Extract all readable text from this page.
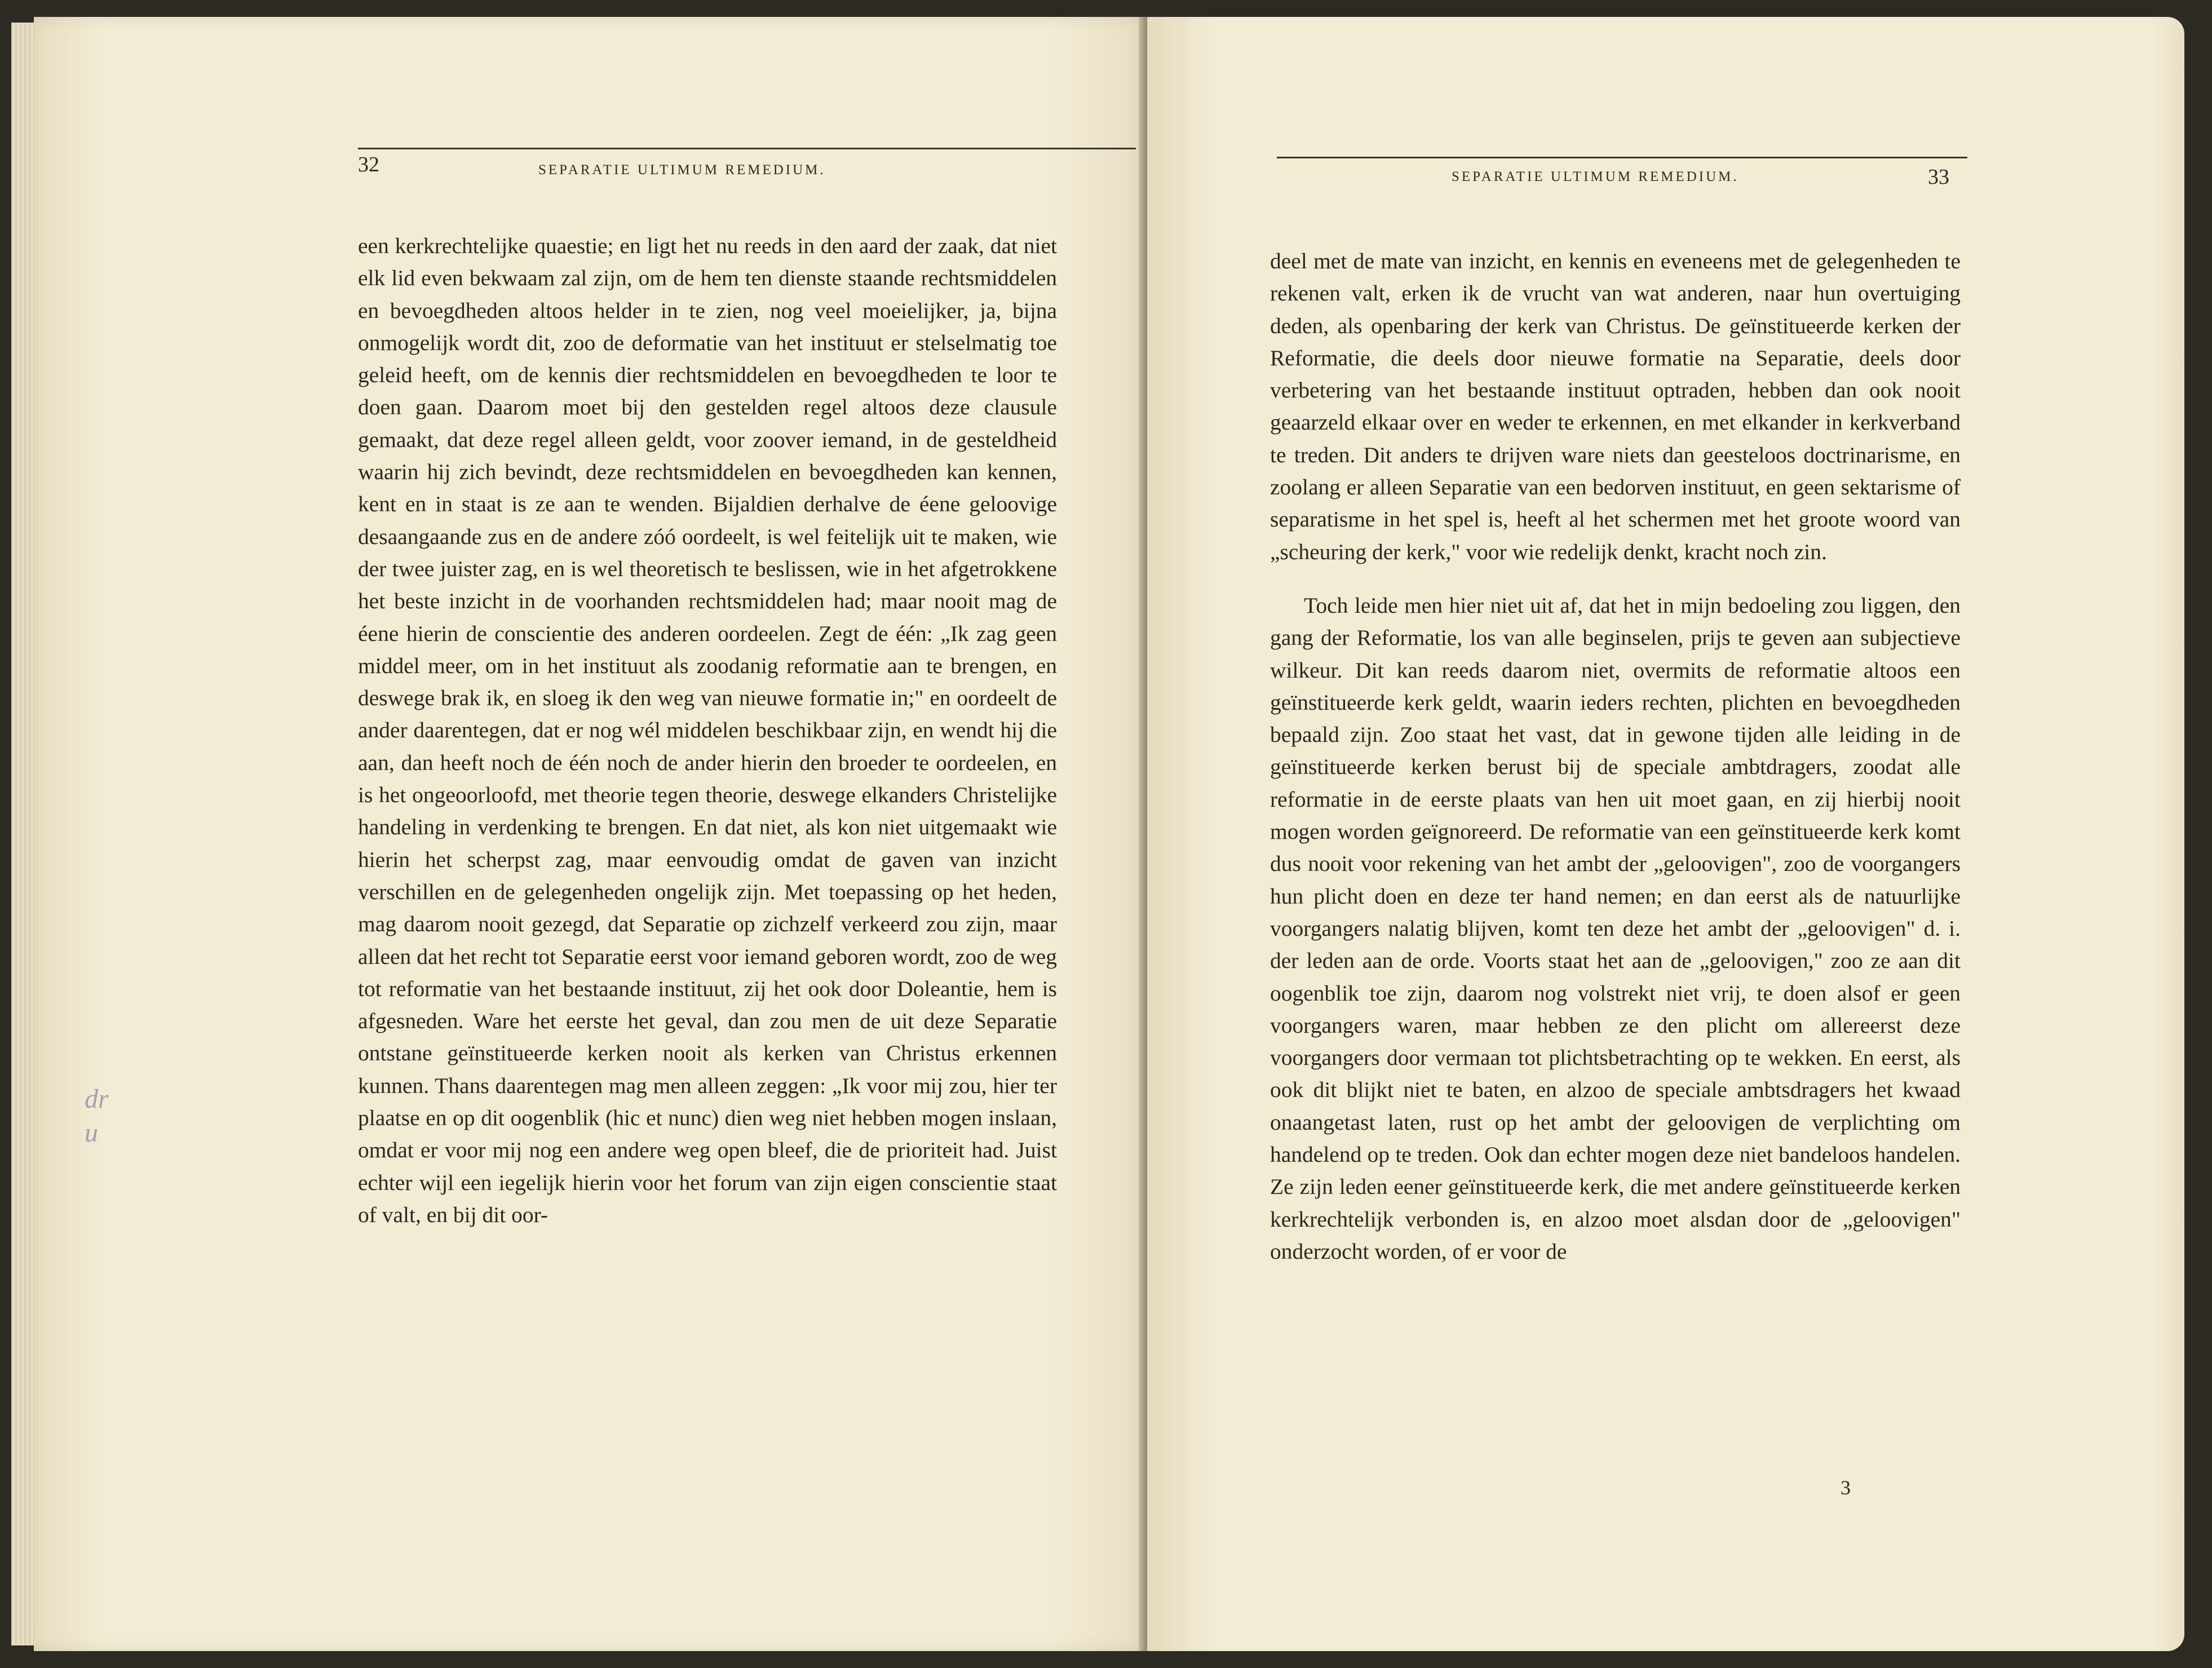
32	SEPARATIE ULTIMUM REMEDIUM.

een kerkrechtelijke quaestie; en ligt het nu reeds in den aard der zaak, dat niet elk lid even bekwaam zal zijn, om de hem ten dienste staande rechtsmiddelen en bevoegdheden altoos helder in te zien, nog veel moeielijker, ja, bijna onmogelijk wordt dit, zoo de deformatie van het instituut er stelselmatig toe geleid heeft, om de kennis dier rechtsmiddelen en bevoegdheden te loor te doen gaan. Daarom moet bij den gestelden regel altoos deze clausule gemaakt, dat deze regel alleen geldt, voor zoover iemand, in de gesteldheid waarin hij zich bevindt, deze rechtsmiddelen en bevoegdheden kan kennen, kent en in staat is ze aan te wenden. Bijaldien derhalve de éene geloovige desaangaande zus en de andere zóó oordeelt, is wel feitelijk uit te maken, wie der twee juister zag, en is wel theoretisch te beslissen, wie in het afgetrokkene het beste inzicht in de voorhanden rechtsmiddelen had; maar nooit mag de éene hierin de conscientie des anderen oordeelen. Zegt de één: „Ik zag geen middel meer, om in het instituut als zoodanig reformatie aan te brengen, en deswege brak ik, en sloeg ik den weg van nieuwe formatie in;" en oordeelt de ander daarentegen, dat er nog wél middelen beschikbaar zijn, en wendt hij die aan, dan heeft noch de één noch de ander hierin den broeder te oordeelen, en is het ongeoorloofd, met theorie tegen theorie, deswege elkanders Christelijke handeling in verdenking te brengen. En dat niet, als kon niet uitgemaakt wie hierin het scherpst zag, maar eenvoudig omdat de gaven van inzicht verschillen en de gelegenheden ongelijk zijn. Met toepassing op het heden, mag daarom nooit gezegd, dat Separatie op zichzelf verkeerd zou zijn, maar alleen dat het recht tot Separatie eerst voor iemand geboren wordt, zoo de weg tot reformatie van het bestaande instituut, zij het ook door Doleantie, hem is afgesneden. Ware het eerste het geval, dan zou men de uit deze Separatie ontstane geïnstitueerde kerken nooit als kerken van Christus erkennen kunnen. Thans daarentegen mag men alleen zeggen: „Ik voor mij zou, hier ter plaatse en op dit oogenblik (hic et nunc) dien weg niet hebben mogen inslaan, omdat er voor mij nog een andere weg open bleef, die de prioriteit had. Juist echter wijl een iegelijk hierin voor het forum van zijn eigen conscientie staat of valt, en bij dit oor-

dr u
SEPARATIE ULTIMUM REMEDIUM.	33

deel met de mate van inzicht, en kennis en eveneens met de gelegenheden te rekenen valt, erken ik de vrucht van wat anderen, naar hun overtuiging deden, als openbaring der kerk van Christus. De geïnstitueerde kerken der Reformatie, die deels door nieuwe formatie na Separatie, deels door verbetering van het bestaande instituut optraden, hebben dan ook nooit geaarzeld elkaar over en weder te erkennen, en met elkander in kerkverband te treden. Dit anders te drijven ware niets dan geesteloos doctrinarisme, en zoolang er alleen Separatie van een bedorven instituut, en geen sektarisme of separatisme in het spel is, heeft al het schermen met het groote woord van „scheuring der kerk," voor wie redelijk denkt, kracht noch zin.

Toch leide men hier niet uit af, dat het in mijn bedoeling zou liggen, den gang der Reformatie, los van alle beginselen, prijs te geven aan subjectieve wilkeur. Dit kan reeds daarom niet, overmits de reformatie altoos een geïnstitueerde kerk geldt, waarin ieders rechten, plichten en bevoegdheden bepaald zijn. Zoo staat het vast, dat in gewone tijden alle leiding in de geïnstitueerde kerken berust bij de speciale ambtdragers, zoodat alle reformatie in de eerste plaats van hen uit moet gaan, en zij hierbij nooit mogen worden geïgnoreerd. De reformatie van een geïnstitueerde kerk komt dus nooit voor rekening van het ambt der „geloovigen", zoo de voorgangers hun plicht doen en deze ter hand nemen; en dan eerst als de natuurlijke voorgangers nalatig blijven, komt ten deze het ambt der „geloovigen" d. i. der leden aan de orde. Voorts staat het aan de „geloovigen," zoo ze aan dit oogenblik toe zijn, daarom nog volstrekt niet vrij, te doen alsof er geen voorgangers waren, maar hebben ze den plicht om allereerst deze voorgangers door vermaan tot plichtsbetrachting op te wekken. En eerst, als ook dit blijkt niet te baten, en alzoo de speciale ambtsdragers het kwaad onaangetast laten, rust op het ambt der geloovigen de verplichting om handelend op te treden. Ook dan echter mogen deze niet bandeloos handelen. Ze zijn leden eener geïnstitueerde kerk, die met andere geïnstitueerde kerken kerkrechtelijk verbonden is, en alzoo moet alsdan door de „geloovigen" onderzocht worden, of er voor de

3
